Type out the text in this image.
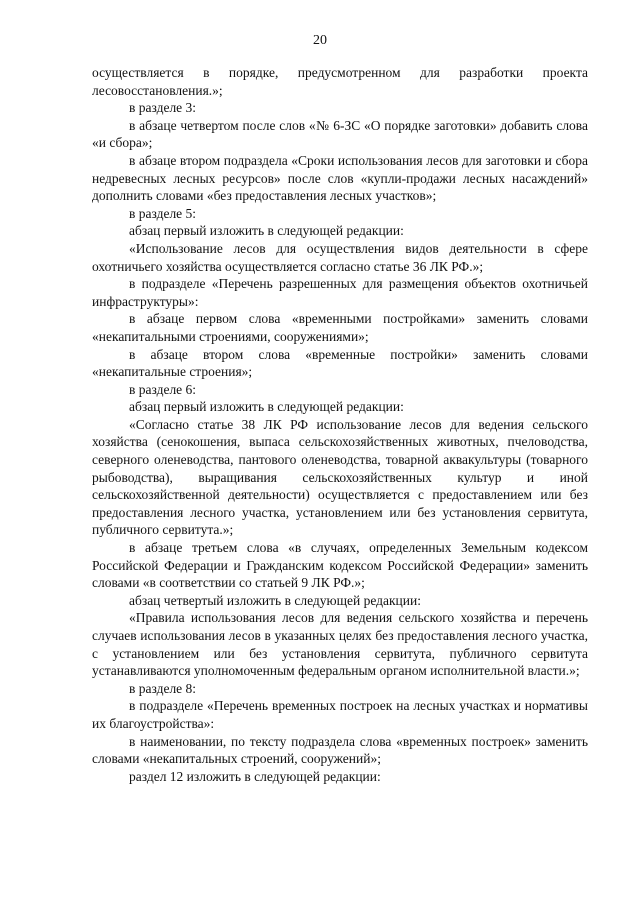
20

осуществляется в порядке, предусмотренном для разработки проекта лесовосстановления.»;

в разделе 3:

в абзаце четвертом после слов «№ 6-ЗС «О порядке заготовки» добавить слова «и сбора»;

в абзаце втором подраздела «Сроки использования лесов для заготовки и сбора недревесных лесных ресурсов» после слов «купли-продажи лесных насаждений» дополнить словами «без предоставления лесных участков»;

в разделе 5:

абзац первый изложить в следующей редакции:

«Использование лесов для осуществления видов деятельности в сфере охотничьего хозяйства осуществляется согласно статье 36 ЛК РФ.»;

в подразделе «Перечень разрешенных для размещения объектов охотничьей инфраструктуры»:

в абзаце первом слова «временными постройками» заменить словами «некапитальными строениями, сооружениями»;

в абзаце втором слова «временные постройки» заменить словами «некапитальные строения»;

в разделе 6:

абзац первый изложить в следующей редакции:

«Согласно статье 38 ЛК РФ использование лесов для ведения сельского хозяйства (сенокошения, выпаса сельскохозяйственных животных, пчеловодства, северного оленеводства, пантового оленеводства, товарной аквакультуры (товарного рыбоводства), выращивания сельскохозяйственных культур и иной сельскохозяйственной деятельности) осуществляется с предоставлением или без предоставления лесного участка, установлением или без установления сервитута, публичного сервитута.»;

в абзаце третьем слова «в случаях, определенных Земельным кодексом Российской Федерации и Гражданским кодексом Российской Федерации» заменить словами «в соответствии со статьей 9 ЛК РФ.»;

абзац четвертый изложить в следующей редакции:

«Правила использования лесов для ведения сельского хозяйства и перечень случаев использования лесов в указанных целях без предоставления лесного участка, с установлением или без установления сервитута, публичного сервитута устанавливаются уполномоченным федеральным органом исполнительной власти.»;

в разделе 8:

в подразделе «Перечень временных построек на лесных участках и нормативы их благоустройства»:

в наименовании, по тексту подраздела слова «временных построек» заменить словами «некапитальных строений, сооружений»;

раздел 12 изложить в следующей редакции:
